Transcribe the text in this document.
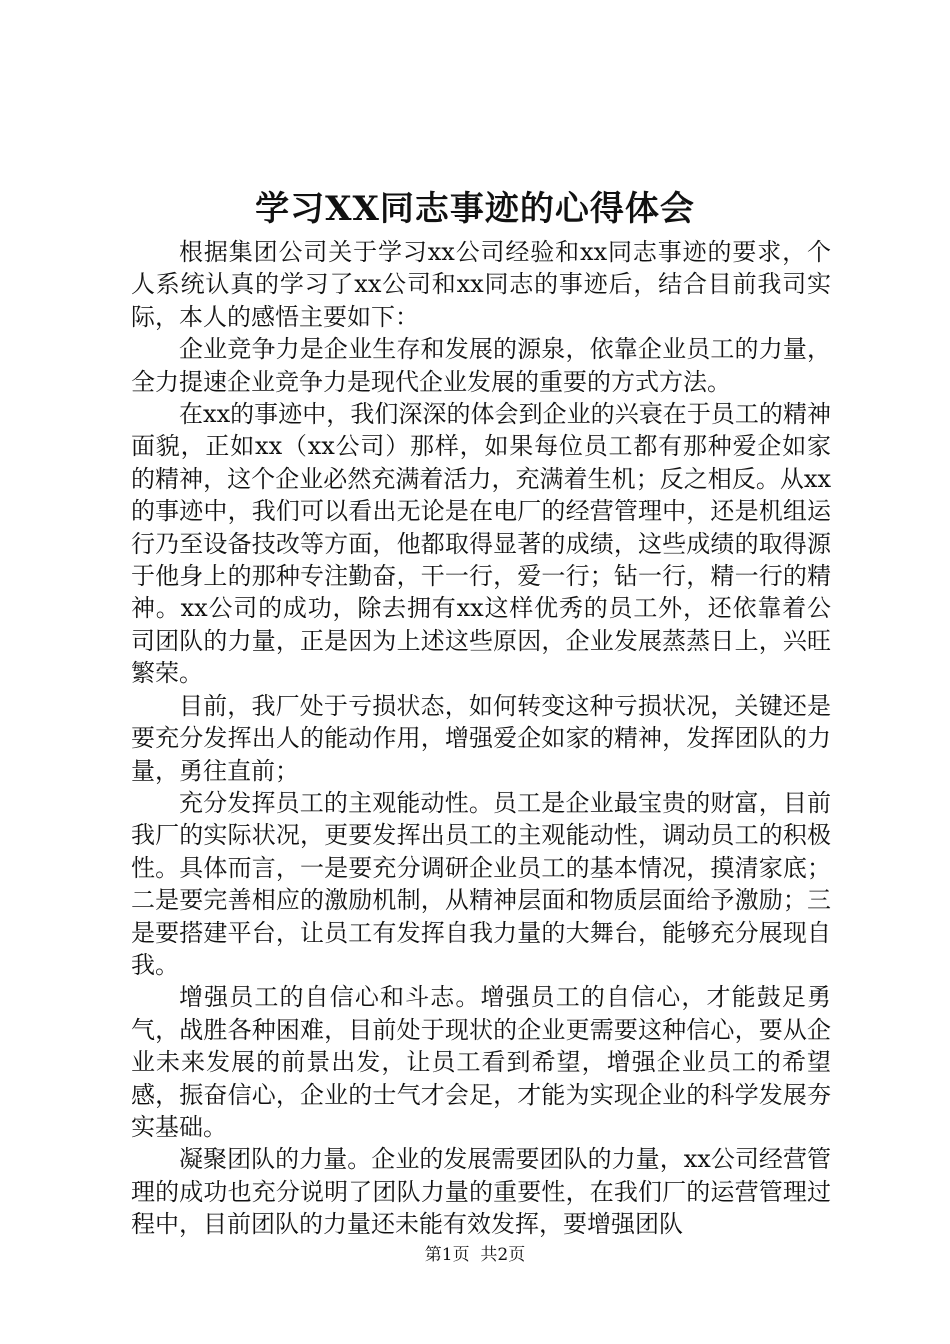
学习XX同志事迹的心得体会

根据集团公司关于学习xx公司经验和xx同志事迹的要求，个人系统认真的学习了xx公司和xx同志的事迹后，结合目前我司实际，本人的感悟主要如下：

企业竞争力是企业生存和发展的源泉，依靠企业员工的力量，全力提速企业竞争力是现代企业发展的重要的方式方法。

在xx的事迹中，我们深深的体会到企业的兴衰在于员工的精神面貌，正如xx（xx公司）那样，如果每位员工都有那种爱企如家的精神，这个企业必然充满着活力，充满着生机；反之相反。从xx的事迹中，我们可以看出无论是在电厂的经营管理中，还是机组运行乃至设备技改等方面，他都取得显著的成绩，这些成绩的取得源于他身上的那种专注勤奋，干一行，爱一行；钻一行，精一行的精神。xx公司的成功，除去拥有xx这样优秀的员工外，还依靠着公司团队的力量，正是因为上述这些原因，企业发展蒸蒸日上，兴旺繁荣。

目前，我厂处于亏损状态，如何转变这种亏损状况，关键还是要充分发挥出人的能动作用，增强爱企如家的精神，发挥团队的力量，勇往直前；

充分发挥员工的主观能动性。员工是企业最宝贵的财富，目前我厂的实际状况，更要发挥出员工的主观能动性，调动员工的积极性。具体而言，一是要充分调研企业员工的基本情况，摸清家底；二是要完善相应的激励机制，从精神层面和物质层面给予激励；三是要搭建平台，让员工有发挥自我力量的大舞台，能够充分展现自我。

增强员工的自信心和斗志。增强员工的自信心，才能鼓足勇气，战胜各种困难，目前处于现状的企业更需要这种信心，要从企业未来发展的前景出发，让员工看到希望，增强企业员工的希望感，振奋信心，企业的士气才会足，才能为实现企业的科学发展夯实基础。

凝聚团队的力量。企业的发展需要团队的力量，xx公司经营管理的成功也充分说明了团队力量的重要性，在我们厂的运营管理过程中，目前团队的力量还未能有效发挥，要增强团队

第1页 共2页
